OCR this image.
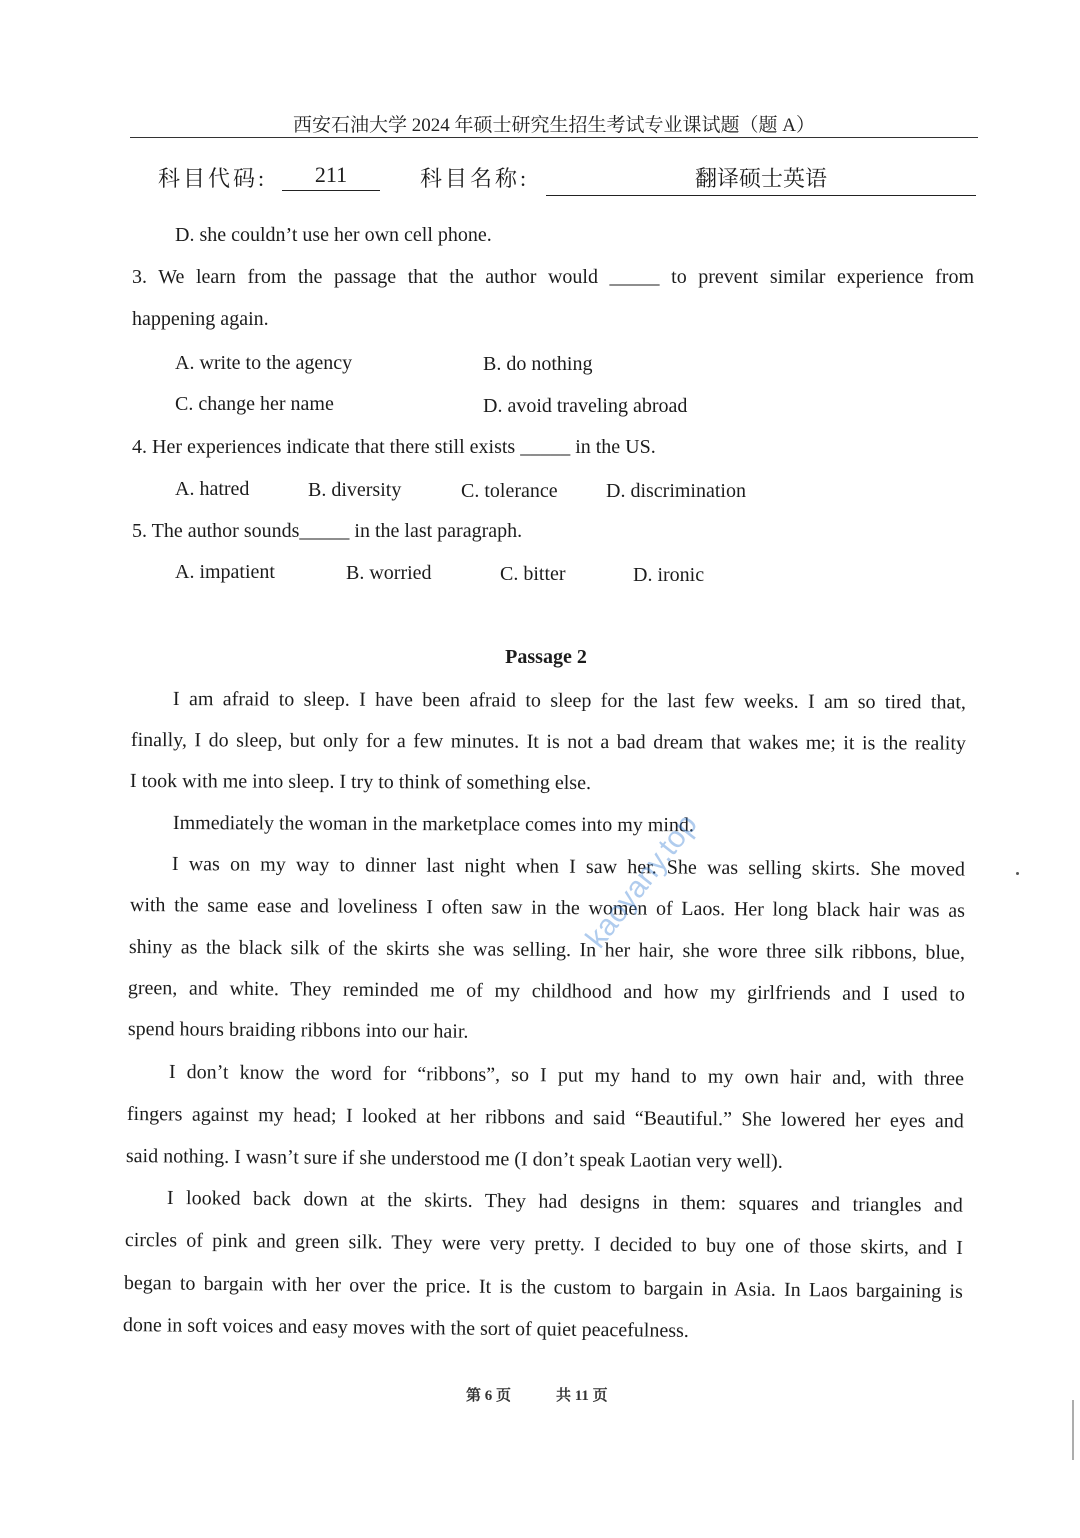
西安石油大学 2024 年硕士研究生招生考试专业课试题（题 A）
科目代码:	211	科目名称:	翻译硕士英语
D. she couldn’t use her own cell phone.
3. We learn from the passage that the author would _____ to prevent similar experience from
happening again.
A. write to the agency	B. do nothing
C. change her name	D. avoid traveling abroad
4. Her experiences indicate that there still exists _____ in the US.
A. hatred	B. diversity	C. tolerance D. discrimination
5. The author sounds_____ in the last paragraph.
A. impatient	B. worried	C. bitter	D. ironic
Passage 2
I am afraid to sleep. I have been afraid to sleep for the last few weeks. I am so tired that,
finally, I do sleep, but only for a few minutes. It is not a bad dream that wakes me; it is the reality
I took with me into sleep. I try to think of something else.
Immediately the woman in the marketplace comes into my mind.
I was on my way to dinner last night when I saw her. She was selling skirts. She moved
with the same ease and loveliness I often saw in the women of Laos. Her long black hair was as
shiny as the black silk of the skirts she was selling. In her hair, she wore three silk ribbons, blue,
green, and white. They reminded me of my childhood and how my girlfriends and I used to
spend hours braiding ribbons into our hair.
I don’t know the word for “ribbons”, so I put my hand to my own hair and, with three
fingers against my head; I looked at her ribbons and said “Beautiful.” She lowered her eyes and
said nothing. I wasn’t sure if she understood me (I don’t speak Laotian very well).
I looked back down at the skirts. They had designs in them: squares and triangles and
circles of pink and green silk. They were very pretty. I decided to buy one of those skirts, and I
began to bargain with her over the price. It is the custom to bargain in Asia. In Laos bargaining is
done in soft voices and easy moves with the sort of quiet peacefulness.
第 6 页	共 11 页
kaoyany.top
